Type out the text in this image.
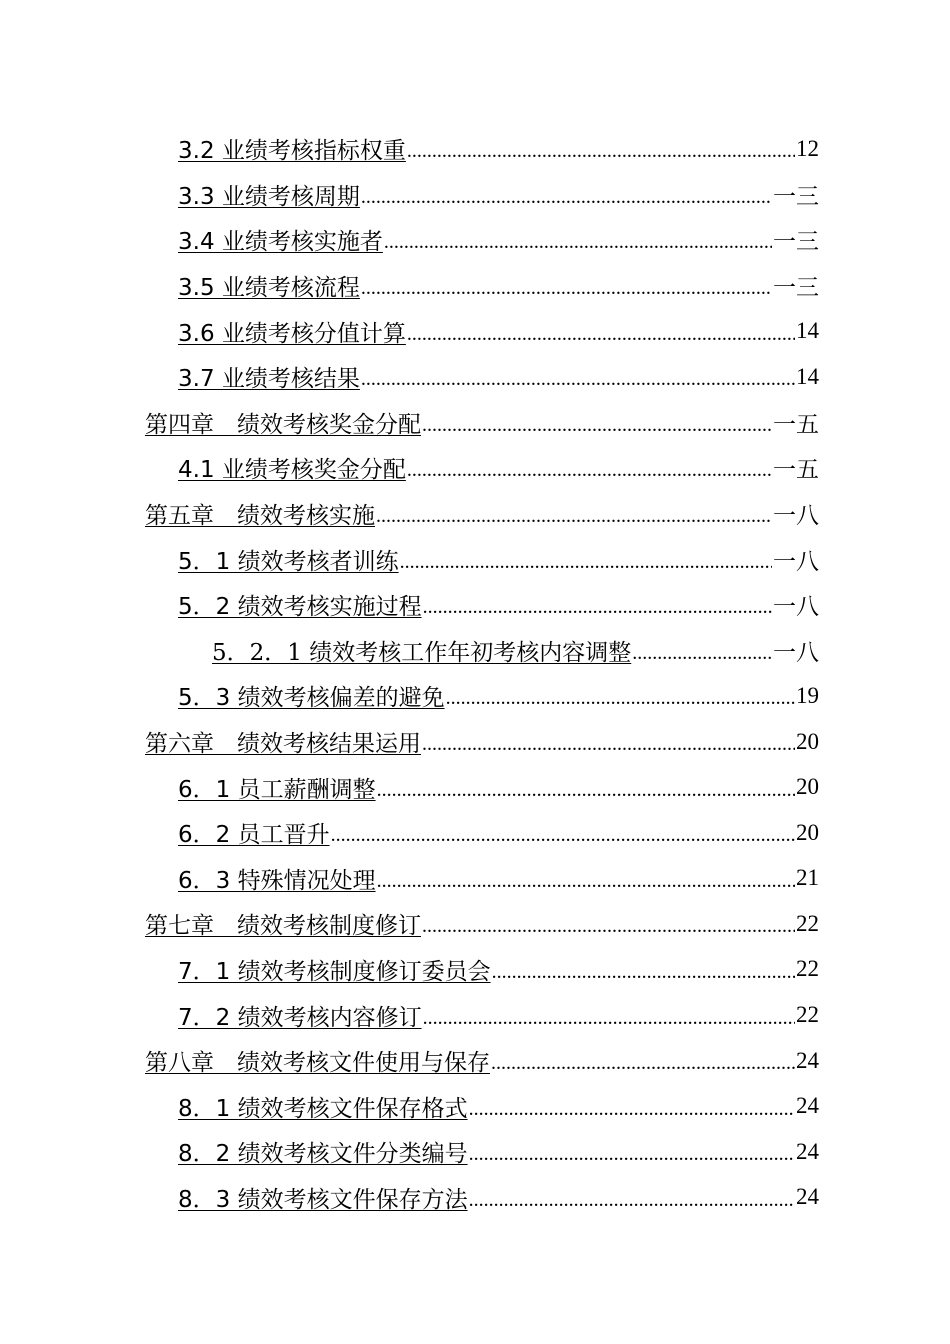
3.2 业绩考核指标权重 .....	12
3.3 业绩考核周期 .....	一三
3.4 业绩考核实施者 .....	一三
3.5 业绩考核流程 .....	一三
3.6 业绩考核分值计算 .....	14
3.7 业绩考核结果 .....	14
第四章　绩效考核奖金分配 .....	一五
4.1 业绩考核奖金分配 .....	一五
第五章　绩效考核实施 .....	一八
5．1 绩效考核者训练 .....	一八
5．2 绩效考核实施过程 .....	一八
5．2．1 绩效考核工作年初考核内容调整 .....	一八
5．3 绩效考核偏差的避免 .....	19
第六章　绩效考核结果运用 .....	20
6．1 员工薪酬调整 .....	20
6．2 员工晋升 .....	20
6．3 特殊情况处理 .....	21
第七章　绩效考核制度修订 .....	22
7．1 绩效考核制度修订委员会 .....	22
7．2 绩效考核内容修订 .....	22
第八章　绩效考核文件使用与保存 .....	24
8．1 绩效考核文件保存格式 .....	24
8．2 绩效考核文件分类编号 .....	24
8．3 绩效考核文件保存方法 .....	24
